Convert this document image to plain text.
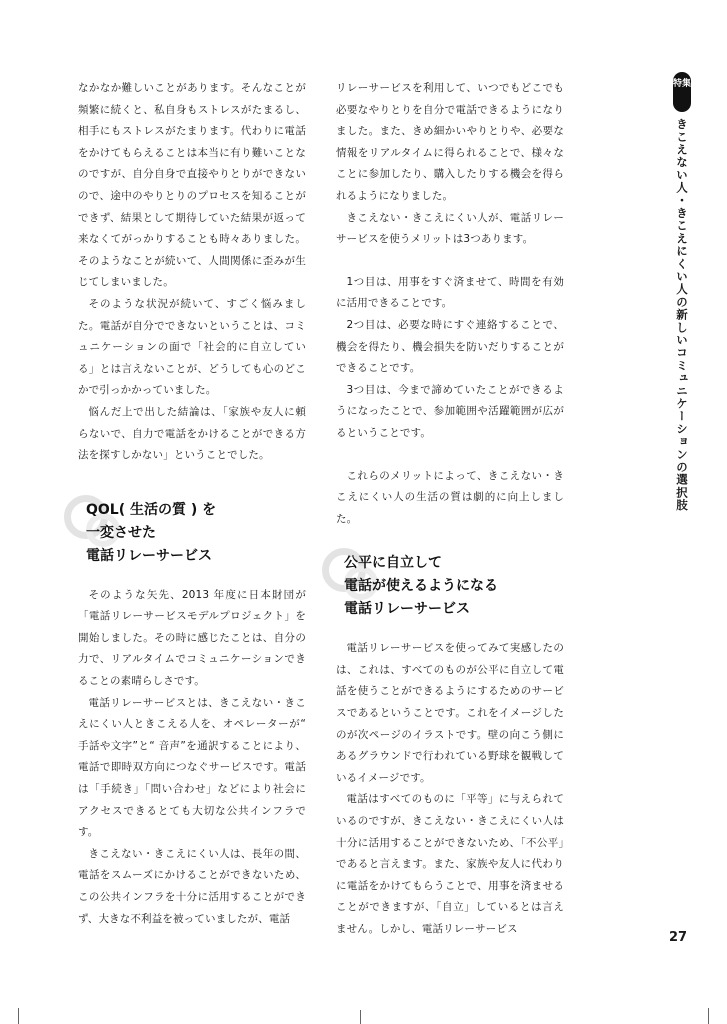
なかなか難しいことがあります。そんなことが頻繁に続くと、私自身もストレスがたまるし、相手にもストレスがたまります。代わりに電話をかけてもらえることは本当に有り難いことなのですが、自分自身で直接やりとりができないので、途中のやりとりのプロセスを知ることができず、結果として期待していた結果が返って来なくてがっかりすることも時々ありました。そのようなことが続いて、人間関係に歪みが生じてしまいました。

そのような状況が続いて、すごく悩みました。電話が自分でできないということは、コミュニケーションの面で「社会的に自立している」とは言えないことが、どうしても心のどこかで引っかかっていました。

悩んだ上で出した結論は、「家族や友人に頼らないで、自力で電話をかけることができる方法を探すしかない」ということでした。

QOL( 生活の質 ) を
一変させた
電話リレーサービス

そのような矢先、2013 年度に日本財団が「電話リレーサービスモデルプロジェクト」を開始しました。その時に感じたことは、自分の力で、リアルタイムでコミュニケーションできることの素晴らしさです。

電話リレーサービスとは、きこえない・きこえにくい人ときこえる人を、オペレーターが“ 手話や文字”と“ 音声”を通訳することにより、電話で即時双方向につなぐサービスです。電話は「手続き」「問い合わせ」などにより社会にアクセスできるとても大切な公共インフラです。

きこえない・きこえにくい人は、長年の間、電話をスムーズにかけることができないため、この公共インフラを十分に活用することができず、大きな不利益を被っていましたが、電話

リレーサービスを利用して、いつでもどこでも必要なやりとりを自分で電話できるようになりました。また、きめ細かいやりとりや、必要な情報をリアルタイムに得られることで、様々なことに参加したり、購入したりする機会を得られるようになりました。

きこえない・きこえにくい人が、電話リレーサービスを使うメリットは3つあります。

1つ目は、用事をすぐ済ませて、時間を有効に活用できることです。

2つ目は、必要な時にすぐ連絡することで、機会を得たり、機会損失を防いだりすることができることです。

3つ目は、今まで諦めていたことができるようになったことで、参加範囲や活躍範囲が広がるということです。

これらのメリットによって、きこえない・きこえにくい人の生活の質は劇的に向上しました。

公平に自立して
電話が使えるようになる
電話リレーサービス

電話リレーサービスを使ってみて実感したのは、これは、すべてのものが公平に自立して電話を使うことができるようにするためのサービスであるということです。これをイメージしたのが次ページのイラストです。壁の向こう側にあるグラウンドで行われている野球を観戦しているイメージです。

電話はすべてのものに「平等」に与えられているのですが、きこえない・きこえにくい人は十分に活用することができないため、「不公平」であると言えます。また、家族や友人に代わりに電話をかけてもらうことで、用事を済ませることができますが、「自立」しているとは言えません。しかし、電話リレーサービス

特集
きこえない人・きこえにくい人の新しいコミュニケーションの選択肢
27
